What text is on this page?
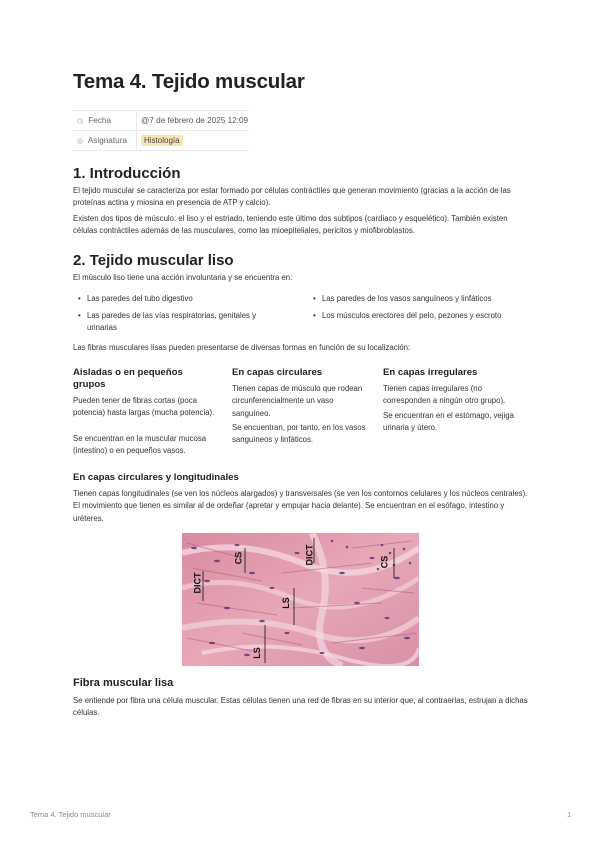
Tema 4. Tejido muscular
◷ Fecha	@7 de febrero de 2025 12:09
◎ Asignatura	Histología
1. Introducción

El tejido muscular se caracteriza por estar formado por células contráctiles que generan movimiento (gracias a la acción de las proteínas actina y miosina en presencia de ATP y calcio).

Existen dos tipos de músculo: el liso y el estriado, teniendo este último dos subtipos (cardiaco y esquelético). También existen células contráctiles además de las musculares, como las mioepiteliales, pericitos y miofibroblastos.

2. Tejido muscular liso

El músculo liso tiene una acción involuntaria y se encuentra en:

• Las paredes del tubo digestivo
• Las paredes de las vías respiratorias, genitales y urinarias
• Las paredes de los vasos sanguíneos y linfáticos
• Los músculos erectores del pelo, pezones y escroto

Las fibras musculares lisas pueden presentarse de diversas formas en función de su localización:

Aisladas o en pequeños grupos

Pueden tener de fibras cortas (poca potencia) hasta largas (mucha potencia).

Se encuentran en la muscular mucosa (intestino) o en pequeños vasos.

En capas circulares

Tienen capas de músculo que rodean circunferencialmente un vaso sanguíneo.

Se encuentran, por tanto, en los vasos sanguíneos y linfáticos.

En capas irregulares

Tienen capas irregulares (no corresponden a ningún otro grupo).

Se encuentran en el estómago, vejiga urinaria y útero.

En capas circulares y longitudinales

Tienen capas longitudinales (se ven los núcleos alargados) y transversales (se ven los contornos celulares y los núcleos centrales). El movimiento que tienen es similar al de ordeñar (apretar y empujar hacia delante). Se encuentran en el esófago, intestino y uréteres.

CS	DICT	CS
DICT
LS
LS
Fibra muscular lisa

Se entiende por fibra una célula muscular. Estas células tienen una red de fibras en su interior que, al contraerlas, estrujan a dichas células.

Tema 4. Tejido muscular	1
